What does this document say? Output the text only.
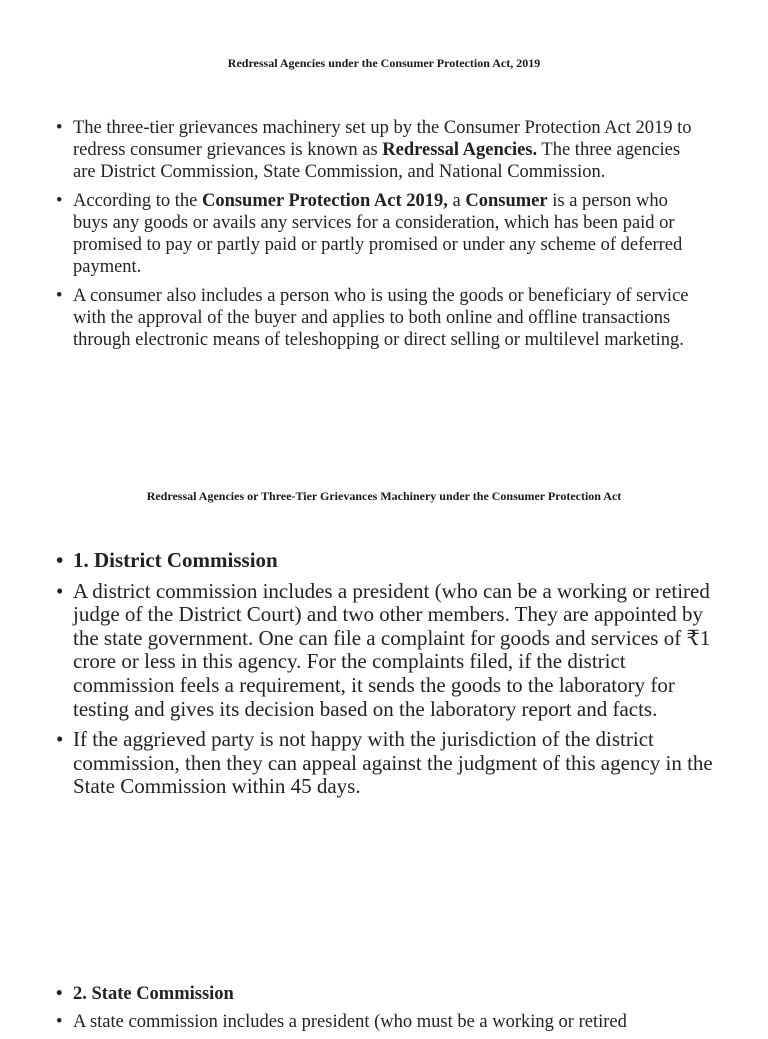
Redressal Agencies under the Consumer Protection Act, 2019
• The three-tier grievances machinery set up by the Consumer Protection Act 2019 to redress consumer grievances is known as Redressal Agencies. The three agencies are District Commission, State Commission, and National Commission.
• According to the Consumer Protection Act 2019, a Consumer is a person who buys any goods or avails any services for a consideration, which has been paid or promised to pay or partly paid or partly promised or under any scheme of deferred payment.
• A consumer also includes a person who is using the goods or beneficiary of service with the approval of the buyer and applies to both online and offline transactions through electronic means of teleshopping or direct selling or multilevel marketing.
Redressal Agencies or Three-Tier Grievances Machinery under the Consumer Protection Act
• 1. District Commission
• A district commission includes a president (who can be a working or retired judge of the District Court) and two other members. They are appointed by the state government. One can file a complaint for goods and services of ₹1 crore or less in this agency. For the complaints filed, if the district commission feels a requirement, it sends the goods to the laboratory for testing and gives its decision based on the laboratory report and facts.
• If the aggrieved party is not happy with the jurisdiction of the district commission, then they can appeal against the judgment of this agency in the State Commission within 45 days.
• 2. State Commission
• A state commission includes a president (who must be a working or retired
